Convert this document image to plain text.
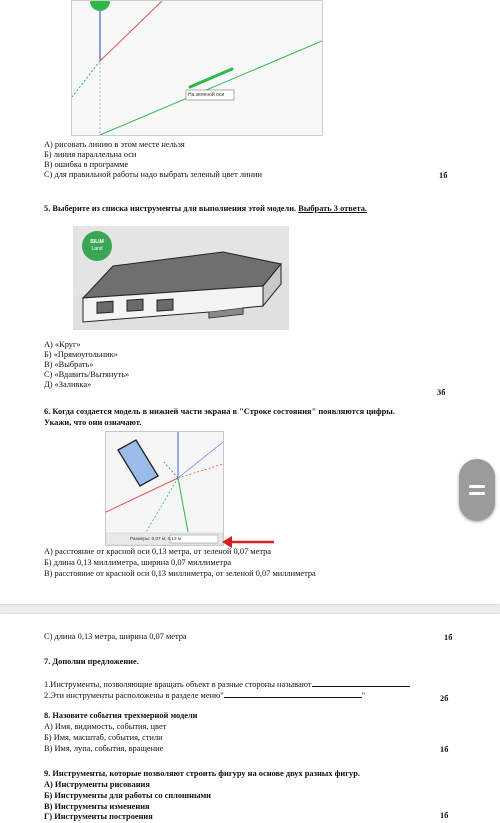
На зеленой оси
А) рисовать линию в этом месте нельзя
Б) линия параллельна оси
В) ошибка в программе
С) для правильной работы надо выбрать зеленый цвет линии	1б
5. Выберите из списка инструменты для выполнения этой модели. Выбрать 3 ответа.
BILIM
Land
А) «Круг»
Б) «Прямоугольник»
В) «Выбрать»
С) «Вдавить/Вытянуть»
Д) «Заливка»
3б
6. Когда создается модель в нижней части экрана в "Строке состояния" появляются цифры.
Укажи, что они означают.
Размеры: 0,07 м; 0,13 м
А) расстояние от красной оси 0,13 метра, от зеленой 0,07 метра
Б) длина 0,13 миллиметра, ширина 0,07 миллиметра
В) расстояние от красной оси 0,13 миллиметра, от зеленой 0,07 миллиметра
С) длина 0,13 метра, ширина 0,07 метра	1б
7. Дополни предложение.
1.Инструменты, позволяющие вращать объект в разные стороны называют
2.Эти инструменты расположены в разделе меню"	"	2б
8. Назовите события трехмерной модели
А) Имя, видимость, события, цвет
Б) Имя, масштаб, события, стили
В) Имя, лупа, события, вращение	1б
9. Инструменты, которые позволяют строить фигуру на основе двух разных фигур.
А) Инструменты рисования
Б) Инструменты для работы со сплошными
В) Инструменты изменения
Г) Инструменты построения	1б
